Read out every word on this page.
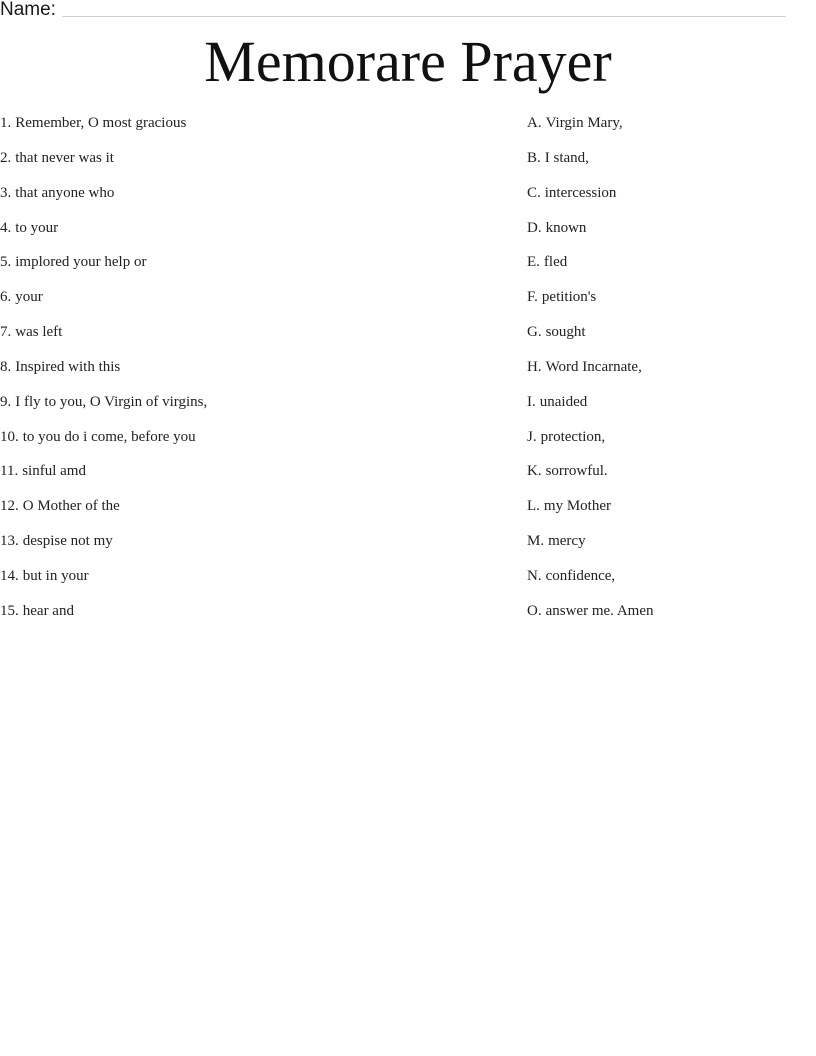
Name:
Memorare Prayer
1. Remember, O most gracious
2. that never was it
3. that anyone who
4. to your
5. implored your help or
6. your
7. was left
8. Inspired with this
9. I fly to you, O Virgin of virgins,
10. to you do i come, before you
11. sinful amd
12. O Mother of the
13. despise not my
14. but in your
15. hear and
A. Virgin Mary,
B. I stand,
C. intercession
D. known
E. fled
F. petition's
G. sought
H. Word Incarnate,
I. unaided
J. protection,
K. sorrowful.
L. my Mother
M. mercy
N. confidence,
O. answer me. Amen
